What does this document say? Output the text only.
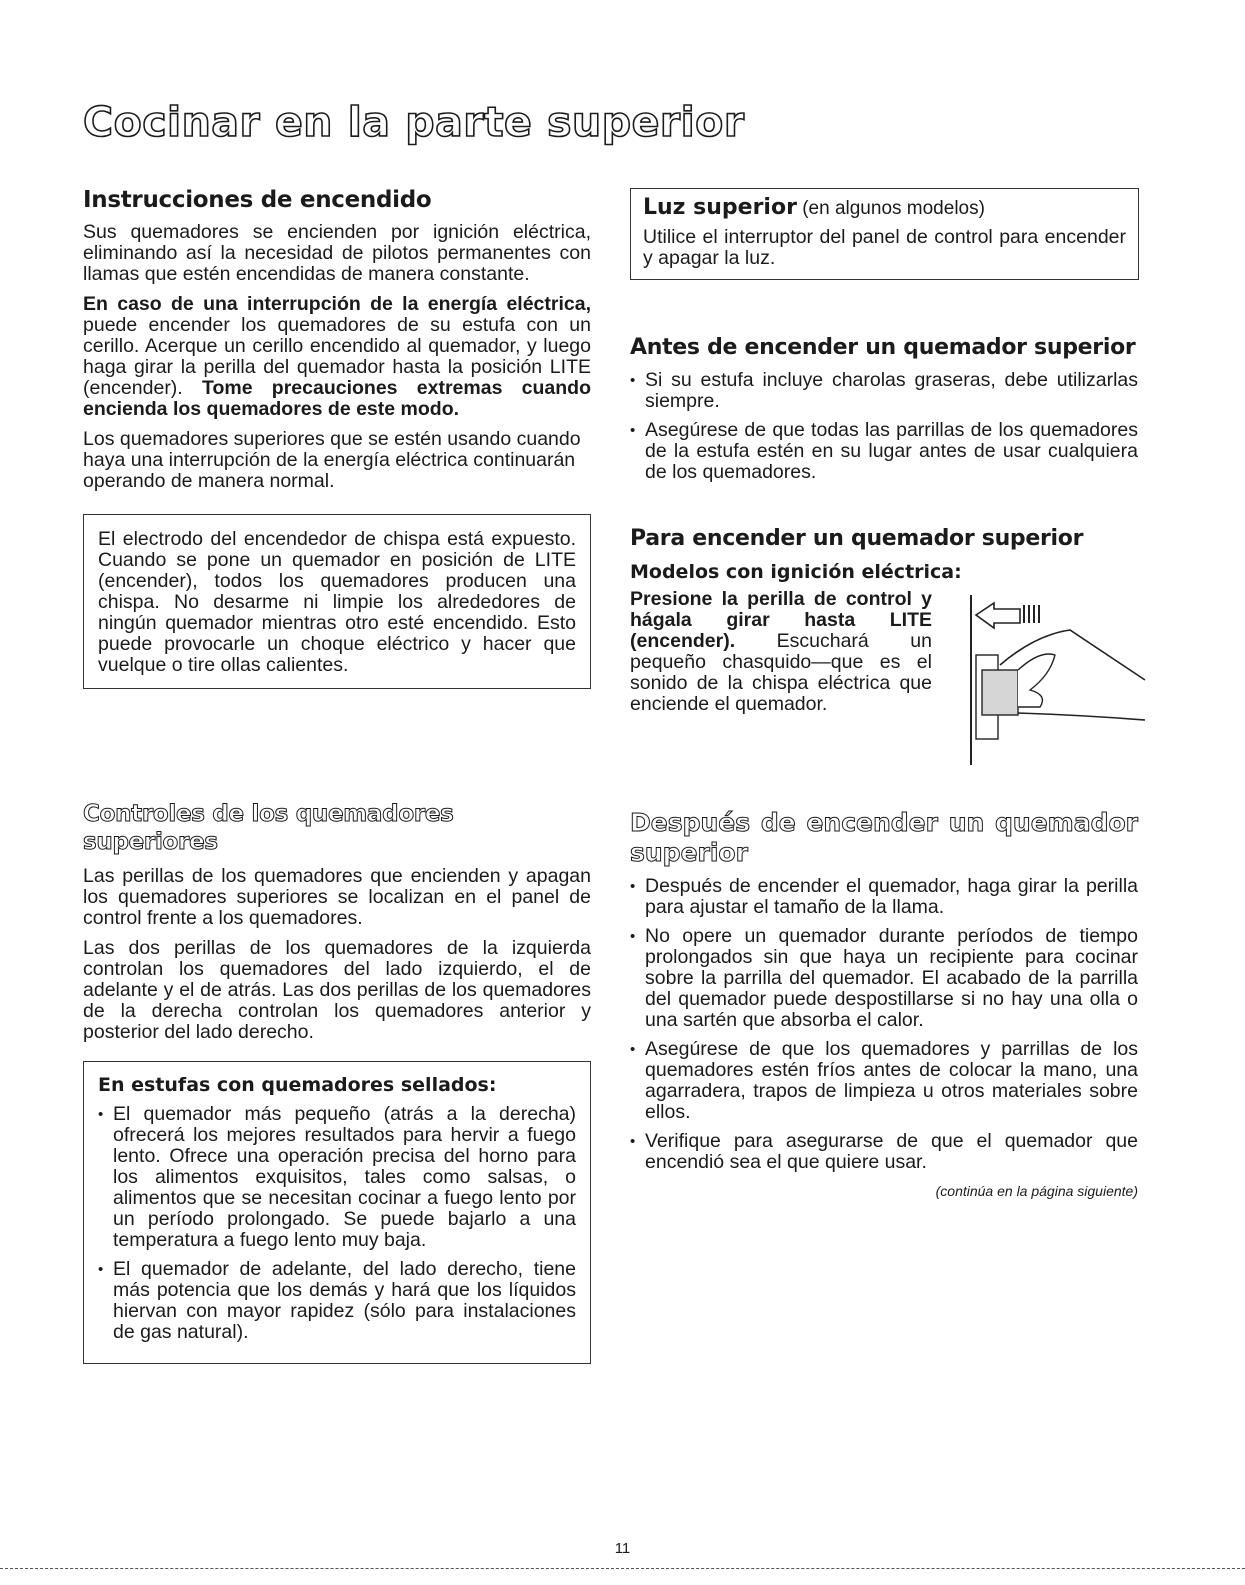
Cocinar en la parte superior
Instrucciones de encendido

Sus quemadores se encienden por ignición eléctrica, eliminando así la necesidad de pilotos permanentes con llamas que estén encendidas de manera constante.

En caso de una interrupción de la energía eléctrica, puede encender los quemadores de su estufa con un cerillo. Acerque un cerillo encendido al quemador, y luego haga girar la perilla del quemador hasta la posición LITE (encender). Tome precauciones extremas cuando encienda los quemadores de este modo.

Los quemadores superiores que se estén usando cuando haya una interrupción de la energía eléctrica continuarán operando de manera normal.

El electrodo del encendedor de chispa está expuesto. Cuando se pone un quemador en posición de LITE (encender), todos los quemadores producen una chispa. No desarme ni limpie los alrededores de ningún quemador mientras otro esté encendido. Esto puede provocarle un choque eléctrico y hacer que vuelque o tire ollas calientes.
Controles de los quemadores superiores

Las perillas de los quemadores que encienden y apagan los quemadores superiores se localizan en el panel de control frente a los quemadores.

Las dos perillas de los quemadores de la izquierda controlan los quemadores del lado izquierdo, el de adelante y el de atrás. Las dos perillas de los quemadores de la derecha controlan los quemadores anterior y posterior del lado derecho.

En estufas con quemadores sellados:
• El quemador más pequeño (atrás a la derecha) ofrecerá los mejores resultados para hervir a fuego lento. Ofrece una operación precisa del horno para los alimentos exquisitos, tales como salsas, o alimentos que se necesitan cocinar a fuego lento por un período prolongado. Se puede bajarlo a una temperatura a fuego lento muy baja.
• El quemador de adelante, del lado derecho, tiene más potencia que los demás y hará que los líquidos hiervan con mayor rapidez (sólo para instalaciones de gas natural).
Luz superior (en algunos modelos)
Utilice el interruptor del panel de control para encender y apagar la luz.
Antes de encender un quemador superior
• Si su estufa incluye charolas graseras, debe utilizarlas siempre.
• Asegúrese de que todas las parrillas de los quemadores de la estufa estén en su lugar antes de usar cualquiera de los quemadores.
Para encender un quemador superior
Modelos con ignición eléctrica:
Presione la perilla de control y hágala girar hasta LITE (encender). Escuchará un pequeño chasquido—que es el sonido de la chispa eléctrica que enciende el quemador.
Después de encender un quemador superior
• Después de encender el quemador, haga girar la perilla para ajustar el tamaño de la llama.
• No opere un quemador durante períodos de tiempo prolongados sin que haya un recipiente para cocinar sobre la parrilla del quemador. El acabado de la parrilla del quemador puede despostillarse si no hay una olla o una sartén que absorba el calor.
• Asegúrese de que los quemadores y parrillas de los quemadores estén fríos antes de colocar la mano, una agarradera, trapos de limpieza u otros materiales sobre ellos.
• Verifique para asegurarse de que el quemador que encendió sea el que quiere usar.
(continúa en la página siguiente)
11
